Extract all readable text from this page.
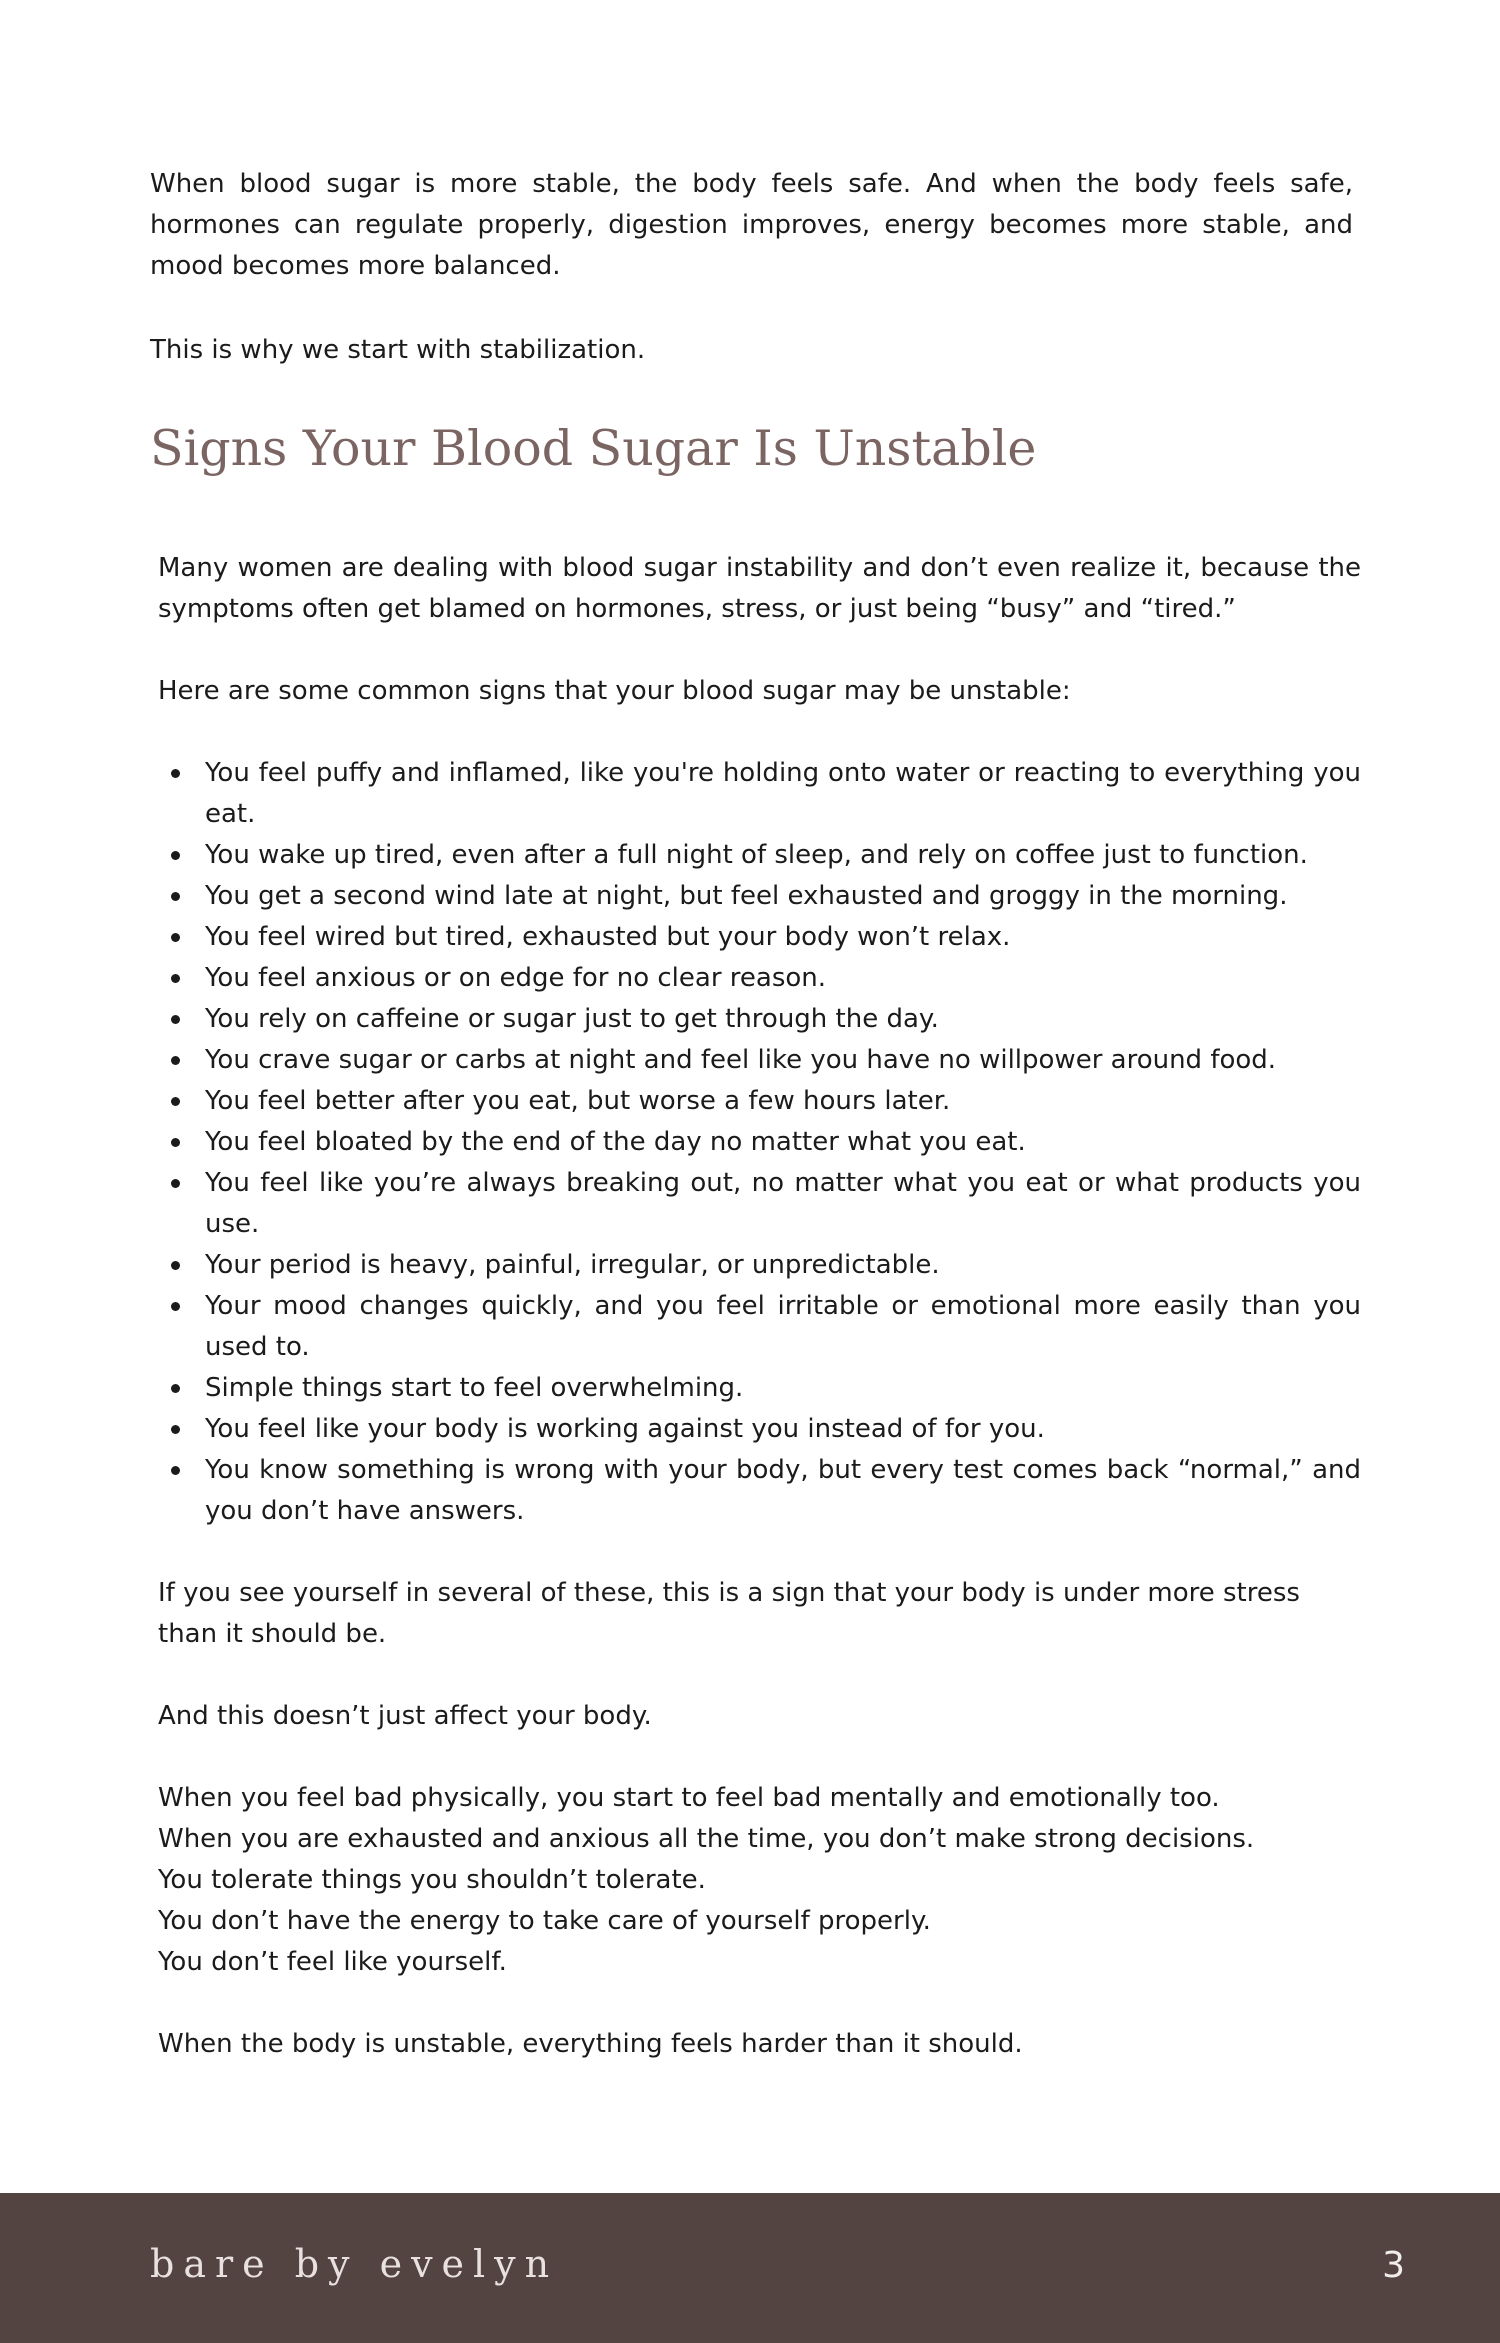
When blood sugar is more stable, the body feels safe. And when the body feels safe, hormones can regulate properly, digestion improves, energy becomes more stable, and mood becomes more balanced.

This is why we start with stabilization.

Signs Your Blood Sugar Is Unstable

Many women are dealing with blood sugar instability and don’t even realize it, because the symptoms often get blamed on hormones, stress, or just being “busy” and “tired.”

Here are some common signs that your blood sugar may be unstable:

You feel puffy and inflamed, like you're holding onto water or reacting to everything you eat.
You wake up tired, even after a full night of sleep, and rely on coffee just to function.
You get a second wind late at night, but feel exhausted and groggy in the morning.
You feel wired but tired, exhausted but your body won’t relax.
You feel anxious or on edge for no clear reason.
You rely on caffeine or sugar just to get through the day.
You crave sugar or carbs at night and feel like you have no willpower around food.
You feel better after you eat, but worse a few hours later.
You feel bloated by the end of the day no matter what you eat.
You feel like you’re always breaking out, no matter what you eat or what products you use.
Your period is heavy, painful, irregular, or unpredictable.
Your mood changes quickly, and you feel irritable or emotional more easily than you used to.
Simple things start to feel overwhelming.
You feel like your body is working against you instead of for you.
You know something is wrong with your body, but every test comes back “normal,” and you don’t have answers.

If you see yourself in several of these, this is a sign that your body is under more stress than it should be.

And this doesn’t just affect your body.

When you feel bad physically, you start to feel bad mentally and emotionally too.

When you are exhausted and anxious all the time, you don’t make strong decisions.

You tolerate things you shouldn’t tolerate.

You don’t have the energy to take care of yourself properly.

You don’t feel like yourself.

When the body is unstable, everything feels harder than it should.

bare by evelyn	3
